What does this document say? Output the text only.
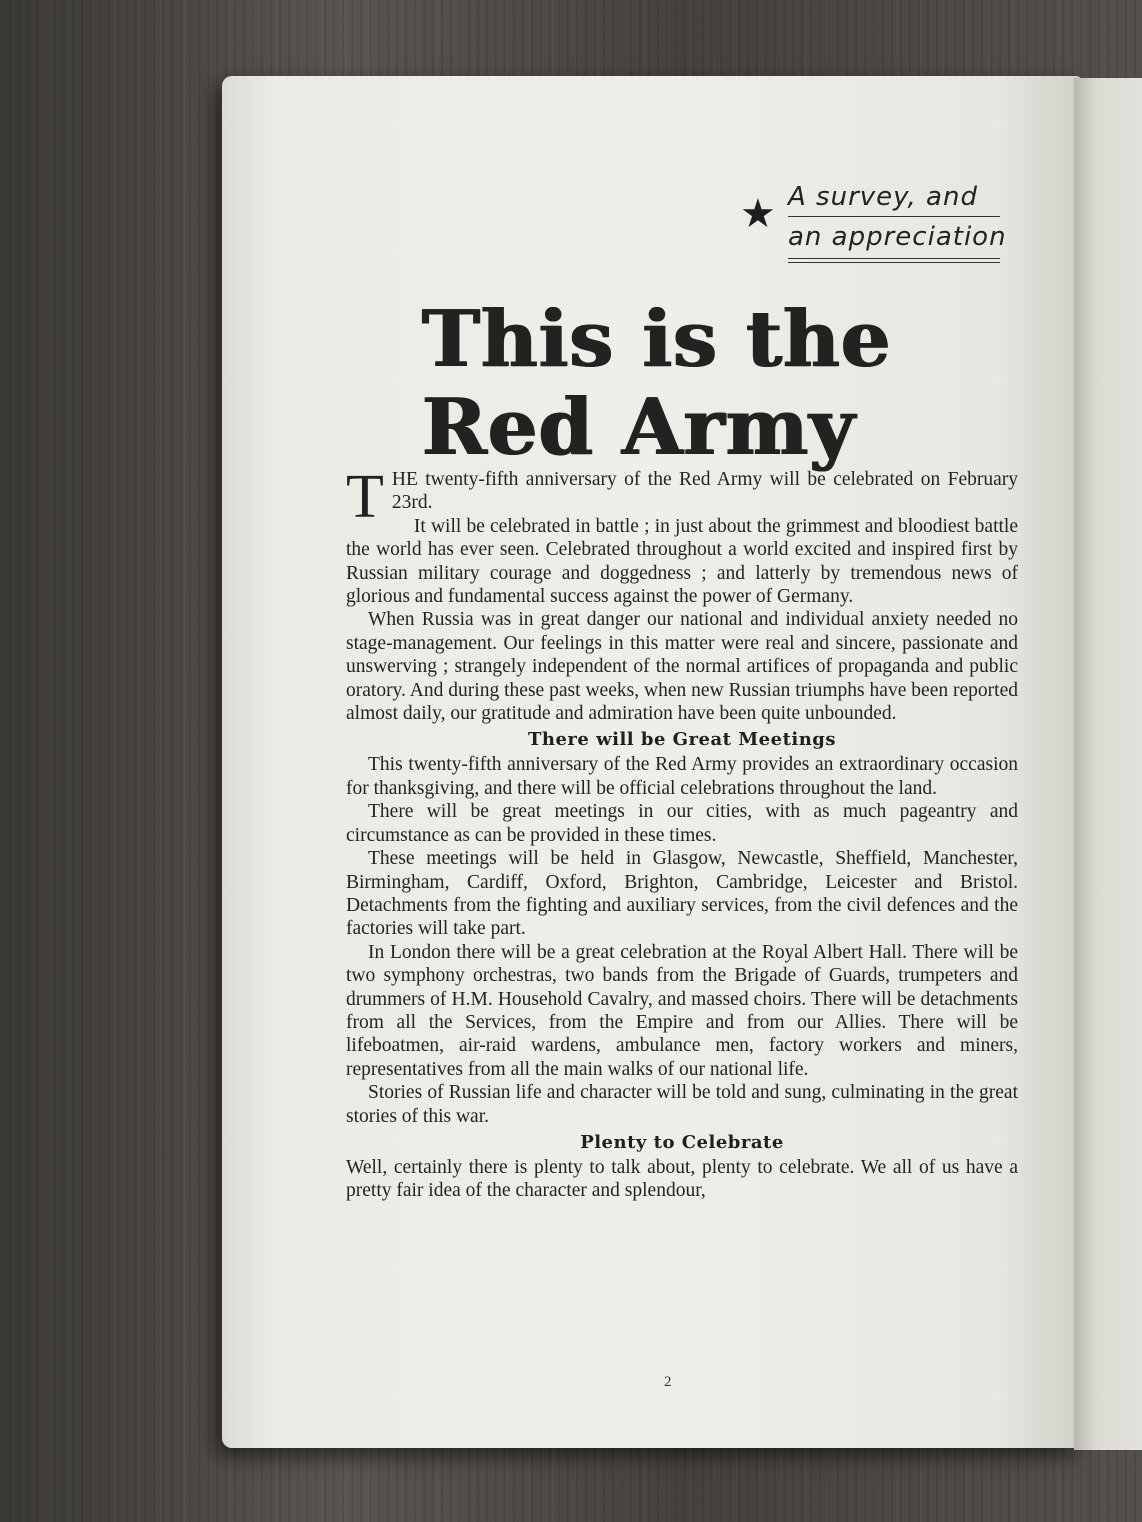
★ A survey, and
an appreciation
This is the
Red Army

THE twenty-fifth anniversary of the Red Army will be celebrated on February 23rd.

It will be celebrated in battle ; in just about the grimmest and bloodiest battle the world has ever seen. Celebrated throughout a world excited and inspired first by Russian military courage and doggedness ; and latterly by tremendous news of glorious and fundamental success against the power of Germany.

When Russia was in great danger our national and individual anxiety needed no stage-management. Our feelings in this matter were real and sincere, passionate and unswerving ; strangely independent of the normal artifices of propaganda and public oratory. And during these past weeks, when new Russian triumphs have been reported almost daily, our gratitude and admiration have been quite unbounded.

There will be Great Meetings

This twenty-fifth anniversary of the Red Army provides an extraordinary occasion for thanksgiving, and there will be official celebrations throughout the land.

There will be great meetings in our cities, with as much pageantry and circumstance as can be provided in these times.

These meetings will be held in Glasgow, Newcastle, Sheffield, Manchester, Birmingham, Cardiff, Oxford, Brighton, Cambridge, Leicester and Bristol. Detachments from the fighting and auxiliary services, from the civil defences and the factories will take part.

In London there will be a great celebration at the Royal Albert Hall. There will be two symphony orchestras, two bands from the Brigade of Guards, trumpeters and drummers of H.M. Household Cavalry, and massed choirs. There will be detachments from all the Services, from the Empire and from our Allies. There will be lifeboatmen, air-raid wardens, ambulance men, factory workers and miners, representatives from all the main walks of our national life.

Stories of Russian life and character will be told and sung, culminating in the great stories of this war.

Plenty to Celebrate

Well, certainly there is plenty to talk about, plenty to celebrate. We all of us have a pretty fair idea of the character and splendour,

2
